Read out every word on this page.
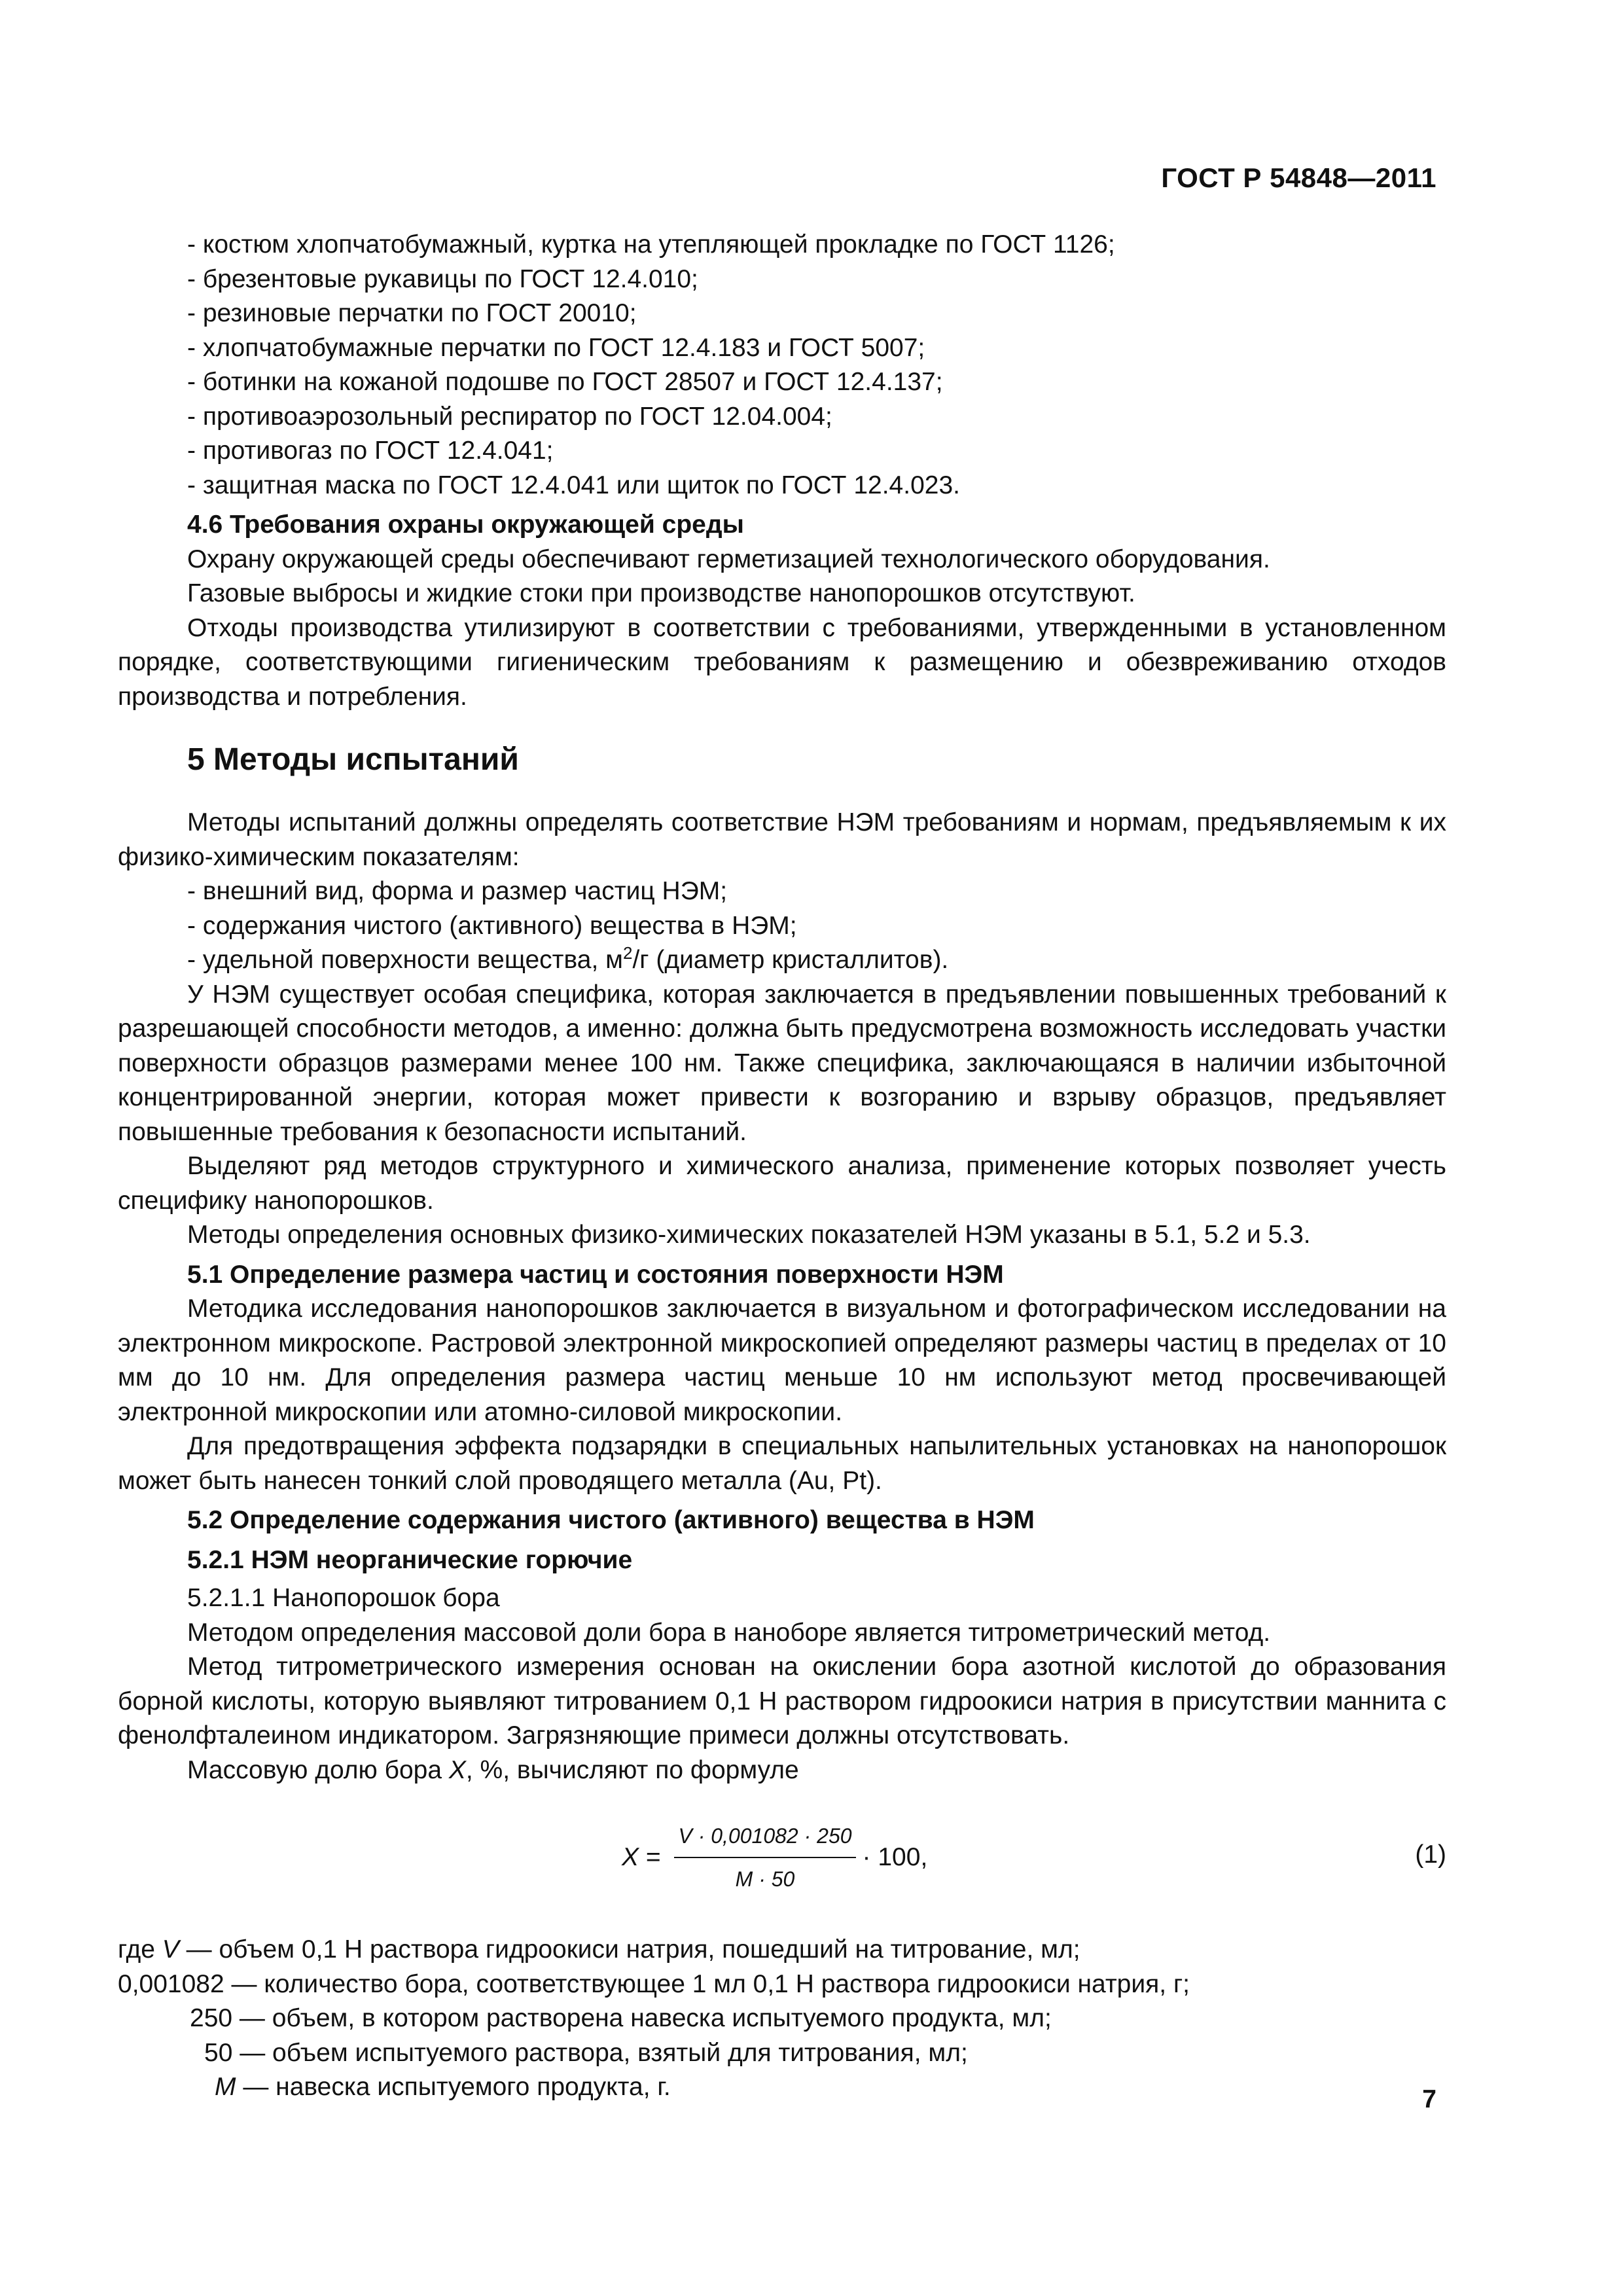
ГОСТ Р 54848—2011

- костюм хлопчатобумажный, куртка на утепляющей прокладке по ГОСТ 1126;

- брезентовые рукавицы по ГОСТ 12.4.010;

- резиновые перчатки по ГОСТ 20010;

- хлопчатобумажные перчатки по ГОСТ 12.4.183 и ГОСТ 5007;

- ботинки на кожаной подошве по ГОСТ 28507 и ГОСТ 12.4.137;

- противоаэрозольный респиратор по ГОСТ 12.04.004;

- противогаз по ГОСТ 12.4.041;

- защитная маска по ГОСТ 12.4.041 или щиток по ГОСТ 12.4.023.

4.6 Требования охраны окружающей среды

Охрану окружающей среды обеспечивают герметизацией технологического оборудования.

Газовые выбросы и жидкие стоки при производстве нанопорошков отсутствуют.

Отходы производства утилизируют в соответствии с требованиями, утвержденными в установленном порядке, соответствующими гигиеническим требованиям к размещению и обезвреживанию отходов производства и потребления.

5 Методы испытаний

Методы испытаний должны определять соответствие НЭМ требованиям и нормам, предъявляемым к их физико-химическим показателям:

- внешний вид, форма и размер частиц НЭМ;

- содержания чистого (активного) вещества в НЭМ;

- удельной поверхности вещества, $м^2/г$ (диаметр кристаллитов).

У НЭМ существует особая специфика, которая заключается в предъявлении повышенных требований к разрешающей способности методов, а именно: должна быть предусмотрена возможность исследовать участки поверхности образцов размерами менее 100 нм. Также специфика, заключающаяся в наличии избыточной концентрированной энергии, которая может привести к возгоранию и взрыву образцов, предъявляет повышенные требования к безопасности испытаний.

Выделяют ряд методов структурного и химического анализа, применение которых позволяет учесть специфику нанопорошков.

Методы определения основных физико-химических показателей НЭМ указаны в 5.1, 5.2 и 5.3.

5.1 Определение размера частиц и состояния поверхности НЭМ

Методика исследования нанопорошков заключается в визуальном и фотографическом исследовании на электронном микроскопе. Растровой электронной микроскопией определяют размеры частиц в пределах от 10 мм до 10 нм. Для определения размера частиц меньше 10 нм используют метод просвечивающей электронной микроскопии или атомно-силовой микроскопии.

Для предотвращения эффекта подзарядки в специальных напылительных установках на нанопорошок может быть нанесен тонкий слой проводящего металла (Au, Pt).

5.2 Определение содержания чистого (активного) вещества в НЭМ

5.2.1 НЭМ неорганические горючие

5.2.1.1 Нанопорошок бора

Методом определения массовой доли бора в наноборе является титрометрический метод.

Метод титрометрического измерения основан на окислении бора азотной кислотой до образования борной кислоты, которую выявляют титрованием 0,1 Н раствором гидроокиси натрия в присутствии маннита с фенолфталеином индикатором. Загрязняющие примеси должны отсутствовать.

Массовую долю бора X, %, вычисляют по формуле

$X = \frac{V \cdot 0,001082 \cdot 250}{M \cdot 50} \cdot 100$,	(1)

где V — объем 0,1 Н раствора гидроокиси натрия, пошедший на титрование, мл;

0,001082 — количество бора, соответствующее 1 мл 0,1 Н раствора гидроокиси натрия, г;

250 — объем, в котором растворена навеска испытуемого продукта, мл;

50 — объем испытуемого раствора, взятый для титрования, мл;

M — навеска испытуемого продукта, г.	7
